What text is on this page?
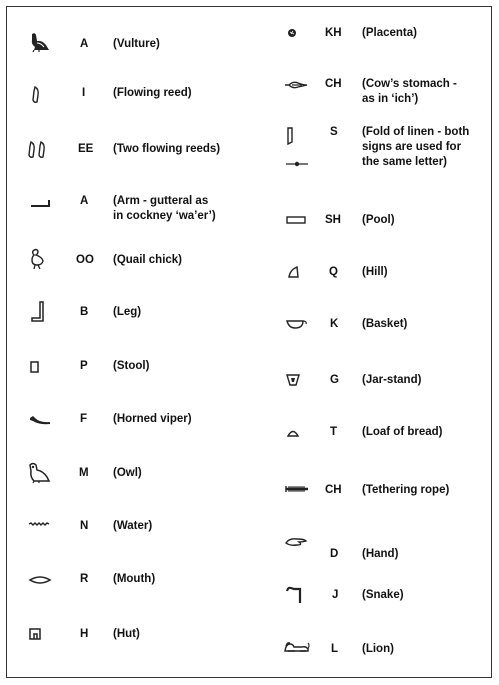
A (Vulture)
I (Flowing reed)
EE (Two flowing reeds)
A (Arm - gutteral as
in cockney ‘wa’er’)
OO (Quail chick)
B (Leg)
P (Stool)
F (Horned viper)
M (Owl)
N (Water)
R (Mouth)
H (Hut)
KH (Placenta)
CH (Cow’s stomach -
as in ‘ich’)
S (Fold of linen - both
signs are used for
the same letter)
SH (Pool)
Q (Hill)
K (Basket)
G (Jar-stand)
T (Loaf of bread)
CH (Tethering rope)
D (Hand)
J (Snake)
L (Lion)
